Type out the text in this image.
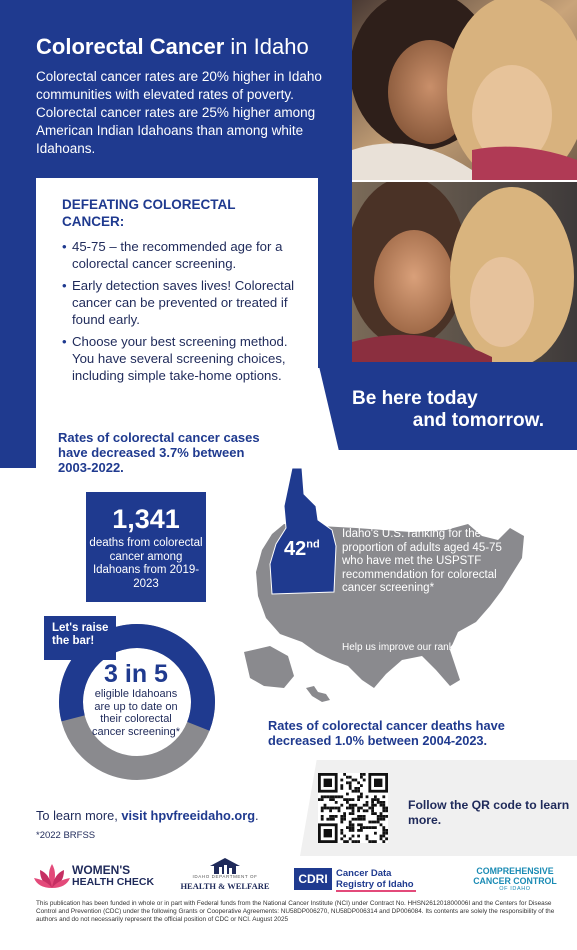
Colorectal Cancer in Idaho

Colorectal cancer rates are 20% higher in Idaho communities with elevated rates of poverty. Colorectal cancer rates are 25% higher among American Indian Idahoans than among white Idahoans.

Be here today
and tomorrow.
DEFEATING COLORECTAL CANCER:
• 45-75 – the recommended age for a colorectal cancer screening.
• Early detection saves lives! Colorectal cancer can be prevented or treated if found early.
• Choose your best screening method. You have several screening choices, including simple take-home options.

Rates of colorectal cancer cases have decreased 3.7% between 2003-2022.

1,341
deaths from colorectal cancer among Idahoans from 2019-2023
42nd

Idaho's U.S. ranking for the proportion of adults aged 45-75 who have met the USPSTF recommendation for colorectal cancer screening*

Help us improve our ranking!

Let's raise the bar!
3 in 5

eligible Idahoans are up to date on their colorectal cancer screening*	Rates of colorectal cancer deaths have decreased 1.0% between 2004-2023.

Follow the QR code to learn more.

To learn more, visit hpvfreeidaho.org.

*2022 BRFSS

WOMEN'S
HEALTH CHECK	IDAHO DEPARTMENT OF
HEALTH & WELFARE	CDRI Cancer Data Registry of Idaho
COMPREHENSIVE CANCER CONTROL
OF IDAHO

This publication has been funded in whole or in part with Federal funds from the National Cancer Institute (NCI) under Contract No. HHSN261201800006I and the Centers for Disease Control and Prevention (CDC) under the following Grants or Cooperative Agreements: NU58DP006270, NU58DP006314 and DP006084. Its contents are solely the responsibility of the authors and do not necessarily represent the official position of CDC or NCI. August 2025
